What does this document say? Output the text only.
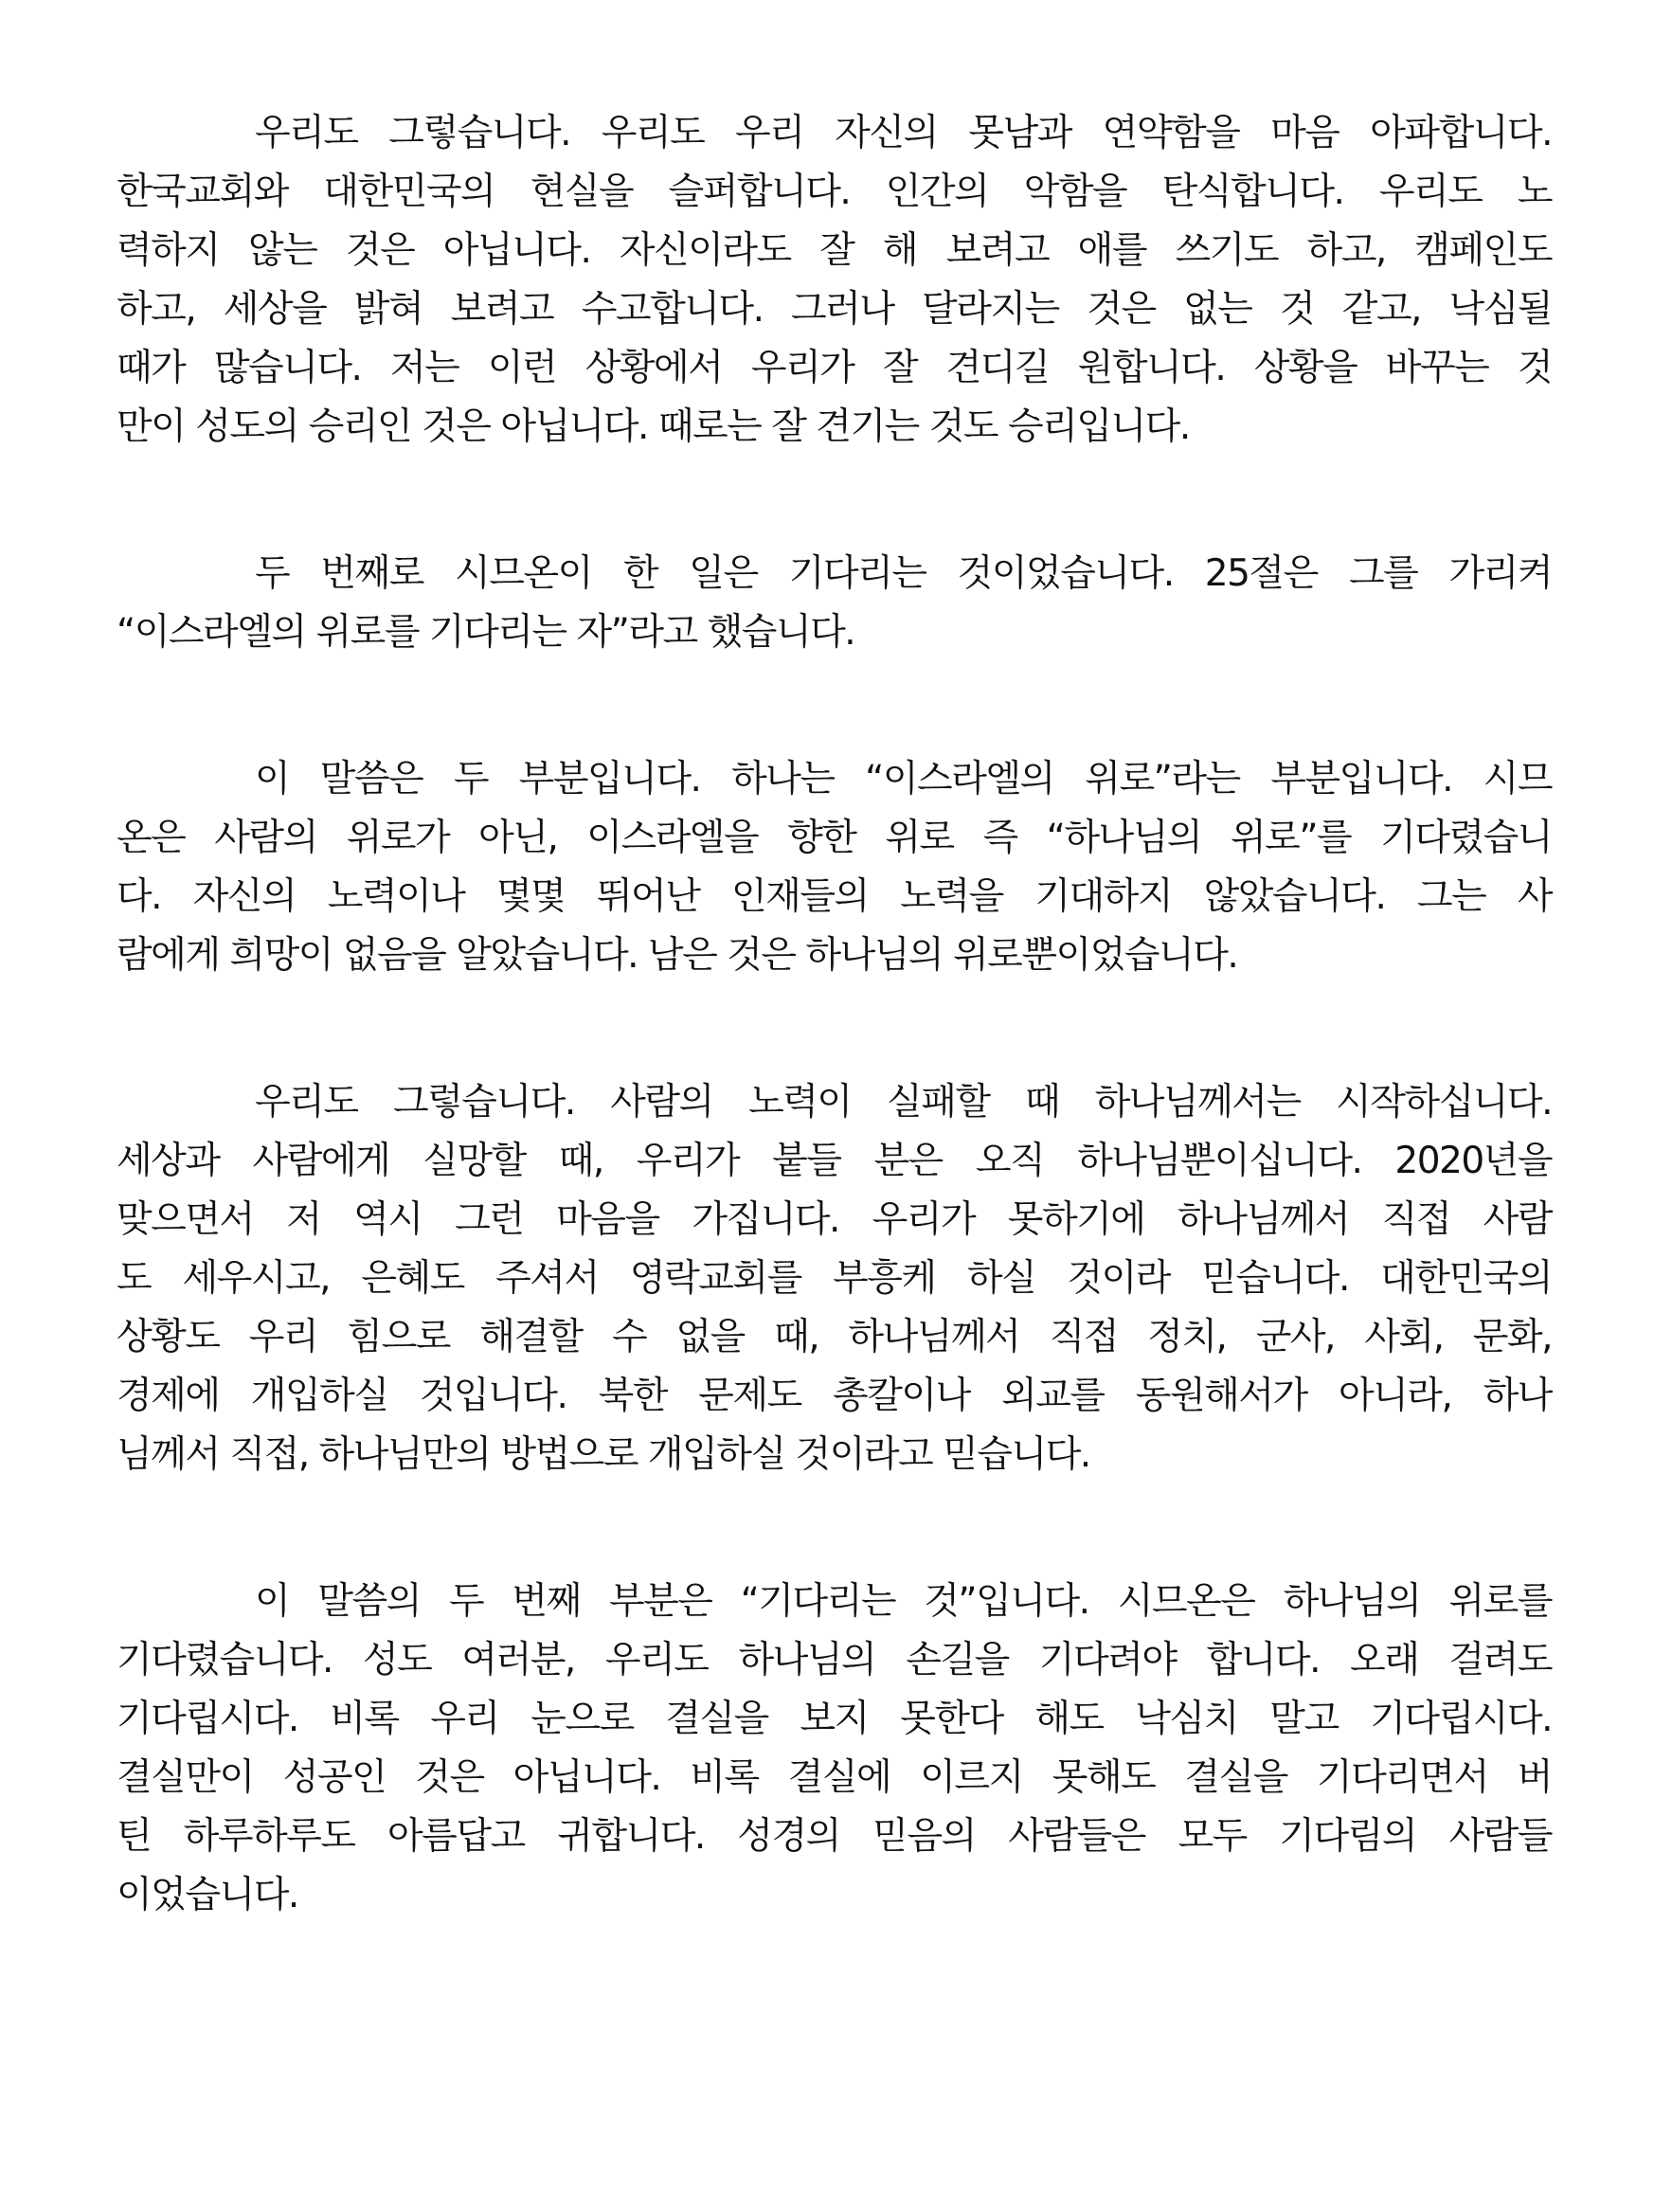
우리도 그렇습니다. 우리도 우리 자신의 못남과 연약함을 마음 아파합니다.
한국교회와 대한민국의 현실을 슬퍼합니다. 인간의 악함을 탄식합니다. 우리도 노
력하지 않는 것은 아닙니다. 자신이라도 잘 해 보려고 애를 쓰기도 하고, 캠페인도
하고, 세상을 밝혀 보려고 수고합니다. 그러나 달라지는 것은 없는 것 같고, 낙심될
때가 많습니다. 저는 이런 상황에서 우리가 잘 견디길 원합니다. 상황을 바꾸는 것
만이 성도의 승리인 것은 아닙니다. 때로는 잘 견기는 것도 승리입니다.
두 번째로 시므온이 한 일은 기다리는 것이었습니다. 25절은 그를 가리켜
“이스라엘의 위로를 기다리는 자”라고 했습니다.
이 말씀은 두 부분입니다. 하나는 “이스라엘의 위로”라는 부분입니다. 시므
온은 사람의 위로가 아닌, 이스라엘을 향한 위로 즉 “하나님의 위로”를 기다렸습니
다. 자신의 노력이나 몇몇 뛰어난 인재들의 노력을 기대하지 않았습니다. 그는 사
람에게 희망이 없음을 알았습니다. 남은 것은 하나님의 위로뿐이었습니다.
우리도 그렇습니다. 사람의 노력이 실패할 때 하나님께서는 시작하십니다.
세상과 사람에게 실망할 때, 우리가 붙들 분은 오직 하나님뿐이십니다. 2020년을
맞으면서 저 역시 그런 마음을 가집니다. 우리가 못하기에 하나님께서 직접 사람
도 세우시고, 은혜도 주셔서 영락교회를 부흥케 하실 것이라 믿습니다. 대한민국의
상황도 우리 힘으로 해결할 수 없을 때, 하나님께서 직접 정치, 군사, 사회, 문화,
경제에 개입하실 것입니다. 북한 문제도 총칼이나 외교를 동원해서가 아니라, 하나
님께서 직접, 하나님만의 방법으로 개입하실 것이라고 믿습니다.
이 말씀의 두 번째 부분은 “기다리는 것”입니다. 시므온은 하나님의 위로를
기다렸습니다. 성도 여러분, 우리도 하나님의 손길을 기다려야 합니다. 오래 걸려도
기다립시다. 비록 우리 눈으로 결실을 보지 못한다 해도 낙심치 말고 기다립시다.
결실만이 성공인 것은 아닙니다. 비록 결실에 이르지 못해도 결실을 기다리면서 버
틴 하루하루도 아름답고 귀합니다. 성경의 믿음의 사람들은 모두 기다림의 사람들
이었습니다.
